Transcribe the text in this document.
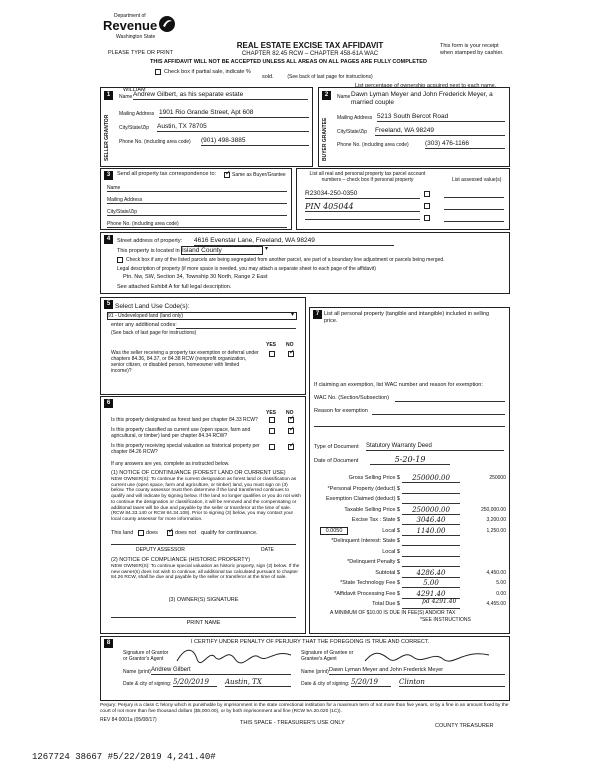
Department of
Revenue
Washington State
PLEASE TYPE OR PRINT
REAL ESTATE EXCISE TAX AFFIDAVIT
CHAPTER 82.45 RCW – CHAPTER 458-61A WAC
THIS AFFIDAVIT WILL NOT BE ACCEPTED UNLESS ALL AREAS ON ALL PAGES ARE FULLY COMPLETED
(See back of last page for instructions)
This form is your receipt when stamped by cashier.
Check box if partial sale, indicate %
sold.
List percentage of ownership acquired next to each name.
SELLER GRANTOR
Name
WILLIAM
Andrew Gilbert, as his separate estate
Mailing Address 1901 Rio Grande Street, Apt 608
City/State/Zip Austin, TX 78705
Phone No. (including area code) (901) 498-3885
1
BUYER GRANTEE
Name Dawn Lyman Meyer and John Frederick Meyer, a married couple
Mailing Address 5213 South Bercot Road
City/State/Zip Freeland, WA 98249
Phone No. (including area code)	(303) 476-1166
2
Send all property tax correspondence to: ✓	Same as Buyer/Grantee
Name
Mailing Address
City/State/Zip
Phone No. (including area code)
3	List all real and personal property tax parcel account numbers – check box if personal property	List assessed value(s)
R23034-250-0350
PIN 405044
Street address of property: 4616 Evenstar Lane, Freeland, WA 98249
This property is located in Island County	▾
Check box if any of the listed parcels are being segregated from another parcel, are part of a boundary line adjustment or parcels being merged.
Legal description of property (if more space is needed, you may attach a separate sheet to each page of the affidavit)
Ptn. Nw, SW, Section 34, Township 30 North, Range 2 East
See attached Exhibit A for full legal description.
4
Select Land Use Code(s):
91 - Undeveloped land (land only)	▾
enter any additional codes:
(See back of last page for instructions)
YES NO
Was the seller receiving a property tax exemption or deferral under chapters 84.36, 84.37, or 84.38 RCW (nonprofit organization, senior citizen, or disabled person, homeowner with limited income)?
✓
5
YES NO
Is this property designated as forest land per chapter 84.33 RCW?
✓
Is this property classified as current use (open space, farm and agricultural, or timber) land per chapter 84.34 RCW?
✓
Is this property receiving special valuation as historical property per chapter 84.26 RCW?
✓
If any answers are yes, complete as instructed below.
(1) NOTICE OF CONTINUANCE (FOREST LAND OR CURRENT USE)
NEW OWNER(S): To continue the current designation as forest land or classification as current use (open space, farm and agriculture, or timber) land, you must sign on (3) below. The county assessor must then determine if the land transferred continues to qualify and will indicate by signing below. If the land no longer qualifies or you do not wish to continue the designation or classification, it will be removed and the compensating or additional taxes will be due and payable by the seller or transferor at the time of sale. (RCW 84.33.140 or RCW 84.34.108). Prior to signing (3) below, you may contact your local county assessor for more information.
This land does ✓	does not qualify for continuance.
DEPUTY ASSESSOR	DATE
(2) NOTICE OF COMPLIANCE (HISTORIC PROPERTY)
NEW OWNER(S): To continue special valuation as historic property, sign (3) below. If the new owner(s) does not wish to continue, all additional tax calculated pursuant to chapter 84.26 RCW, shall be due and payable by the seller or transferor at the time of sale.
(3) OWNER(S) SIGNATURE
PRINT NAME
6
List all personal property (tangible and intangible) included in selling price.
If claiming an exemption, list WAC number and reason for exemption:
WAC No. (Section/Subsection)
Reason for exemption
Type of Document Statutory Warranty Deed
Date of Document	5-20-19
Gross Selling Price $	250000.00	250000
*Personal Property (deduct) $
Exemption Claimed (deduct) $
Taxable Selling Price $	250000.00	250,000.00
Excise Tax : State $	3046.40	3,200.00
Local $	1140.00	1,250.00
0.0050
*Delinquent Interest: State $
Local $
*Delinquent Penalty $
Subtotal $	4286.40	4,450.00
*State Technology Fee $	5.00	5.00
*Affidavit Processing Fee $	4291.40	0.00
Total Due $	4,455.00
pd 4291.40
A MINIMUM OF $10.00 IS DUE IN FEE(S) AND/OR TAX
*SEE INSTRUCTIONS
7
I CERTIFY UNDER PENALTY OF PERJURY THAT THE FOREGOING IS TRUE AND CORRECT.
Signature of Grantor or Grantor's Agent
Name (print) Andrew Gilbert
Date & city of signing: 5/20/2019	Austin, TX
Signature of Grantee or Grantee's Agent
Name (print) Dawn Lyman Meyer and John Frederick Meyer
Date & city of signing: 5/20/19	Clinton
8
Perjury: Perjury is a class C felony which is punishable by imprisonment in the state correctional institution for a maximum term of not more than five years, or by a fine in an amount fixed by the court of not more than five thousand dollars ($5,000.00), or by both imprisonment and fine (RCW 9A.20.020 (1C)).
REV 84 0001a (05/08/17)	THIS SPACE - TREASURER'S USE ONLY	COUNTY TREASURER
1267724 38667 #5/22/2019 4,241.40#
